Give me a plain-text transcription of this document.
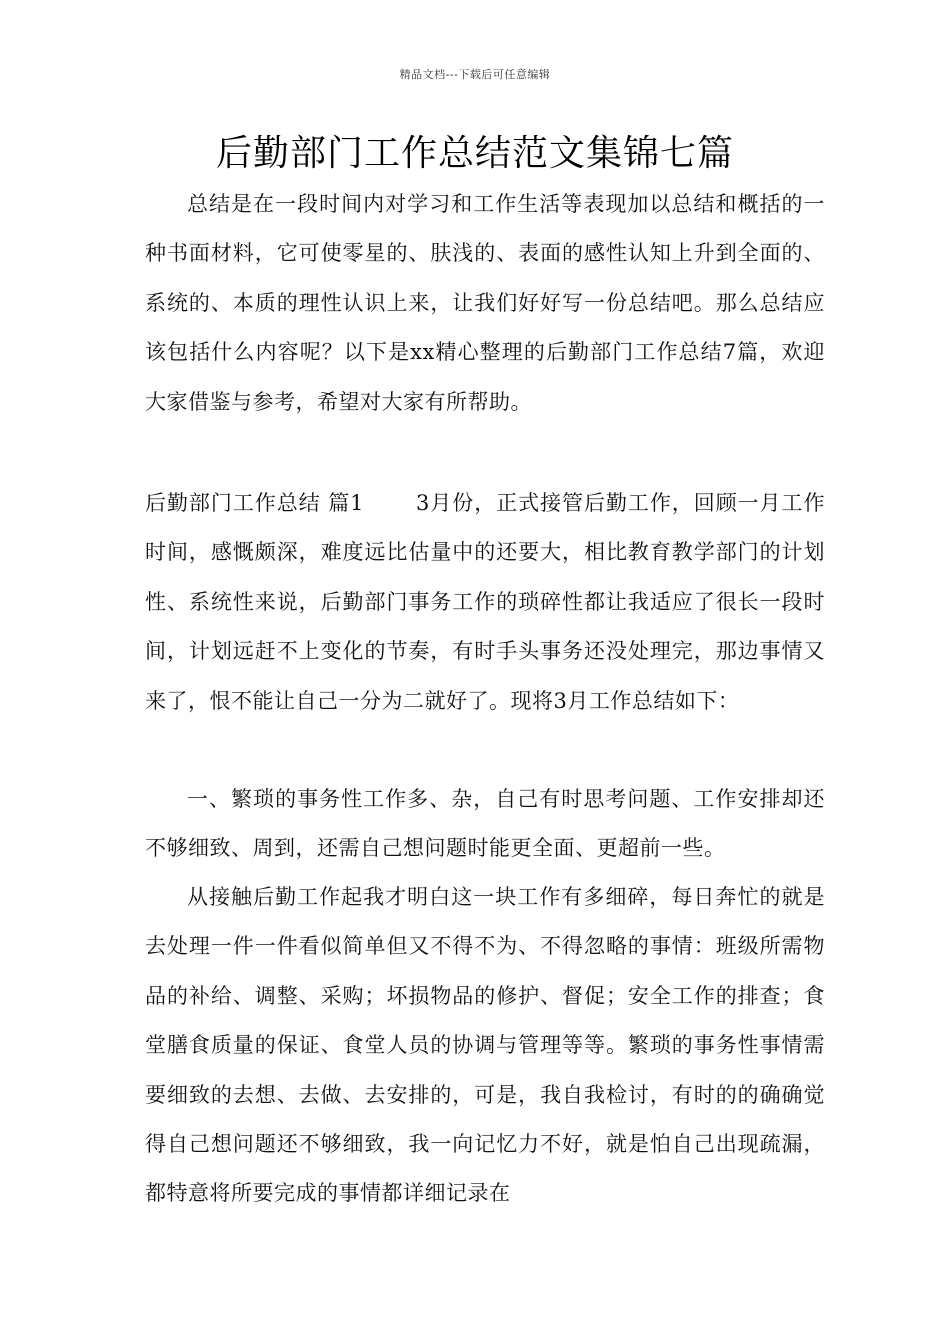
精品文档---下载后可任意编辑
后勤部门工作总结范文集锦七篇

总结是在一段时间内对学习和工作生活等表现加以总结和概括的一种书面材料，它可使零星的、肤浅的、表面的感性认知上升到全面的、系统的、本质的理性认识上来，让我们好好写一份总结吧。那么总结应该包括什么内容呢？以下是xx精心整理的后勤部门工作总结7篇，欢迎大家借鉴与参考，希望对大家有所帮助。

后勤部门工作总结 篇1 3月份，正式接管后勤工作，回顾一月工作时间，感慨颇深，难度远比估量中的还要大，相比教育教学部门的计划性、系统性来说，后勤部门事务工作的琐碎性都让我适应了很长一段时间，计划远赶不上变化的节奏，有时手头事务还没处理完，那边事情又来了，恨不能让自己一分为二就好了。现将3月工作总结如下：

一、繁琐的事务性工作多、杂，自己有时思考问题、工作安排却还不够细致、周到，还需自己想问题时能更全面、更超前一些。

从接触后勤工作起我才明白这一块工作有多细碎，每日奔忙的就是去处理一件一件看似简单但又不得不为、不得忽略的事情：班级所需物品的补给、调整、采购；坏损物品的修护、督促；安全工作的排查；食堂膳食质量的保证、食堂人员的协调与管理等等。繁琐的事务性事情需要细致的去想、去做、去安排的，可是，我自我检讨，有时的的确确觉得自己想问题还不够细致，我一向记忆力不好，就是怕自己出现疏漏，都特意将所要完成的事情都详细记录在
